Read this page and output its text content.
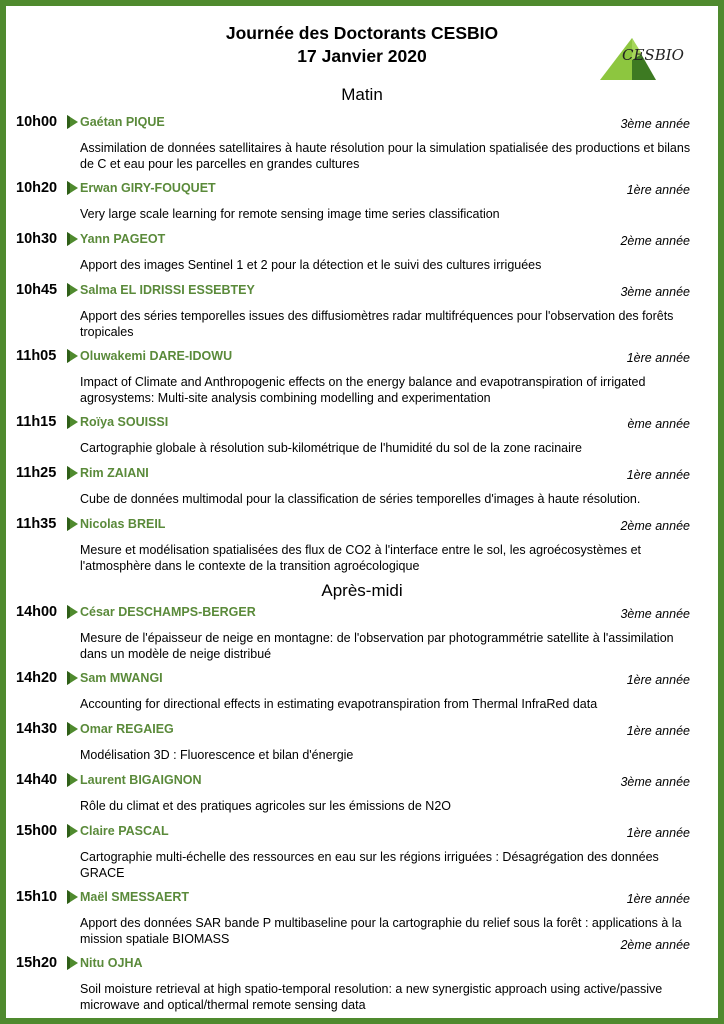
Journée des Doctorants CESBIO
17 Janvier 2020	CESBIO
Matin
10h00 Gaétan PIQUE	3ème année
Assimilation de données satellitaires à haute résolution pour la simulation spatialisée des productions et bilans de C et eau pour les parcelles en grandes cultures
10h20 Erwan GIRY-FOUQUET	1ère année
Very large scale learning for remote sensing image time series classification
10h30 Yann PAGEOT	2ème année
Apport des images Sentinel 1 et 2 pour la détection et le suivi des cultures irriguées
10h45 Salma EL IDRISSI ESSEBTEY	3ème année
Apport des séries temporelles issues des diffusiomètres radar multifréquences pour l'observation des forêts tropicales
11h05 Oluwakemi DARE-IDOWU	1ère année
Impact of Climate and Anthropogenic effects on the energy balance and evapotranspiration of irrigated agrosystems: Multi-site analysis combining modelling and experimentation
11h15 Roïya SOUISSI	ème année
Cartographie globale à résolution sub-kilométrique de l'humidité du sol de la zone racinaire
11h25 Rim ZAIANI	1ère année
Cube de données multimodal pour la classification de séries temporelles d'images à haute résolution.
11h35 Nicolas BREIL	2ème année
Mesure et modélisation spatialisées des flux de CO2 à l'interface entre le sol, les agroécosystèmes et l'atmosphère dans le contexte de la transition agroécologique
Après-midi
14h00 César DESCHAMPS-BERGER	3ème année
Mesure de l'épaisseur de neige en montagne: de l'observation par photogrammétrie satellite à l'assimilation dans un modèle de neige distribué
14h20 Sam MWANGI	1ère année
Accounting for directional effects in estimating evapotranspiration from Thermal InfraRed data
14h30 Omar REGAIEG	1ère année
Modélisation 3D : Fluorescence et bilan d'énergie
14h40 Laurent BIGAIGNON	3ème année
Rôle du climat et des pratiques agricoles sur les émissions de N2O
15h00 Claire PASCAL	1ère année
Cartographie multi-échelle des ressources en eau sur les régions irriguées : Désagrégation des données GRACE
15h10 Maël SMESSAERT	1ère année
Apport des données SAR bande P multibaseline pour la cartographie du relief sous la forêt : applications à la mission spatiale BIOMASS
15h20 Nitu OJHA
2ème année
Soil moisture retrieval at high spatio-temporal resolution: a new synergistic approach using active/passive microwave and optical/thermal remote sensing data
